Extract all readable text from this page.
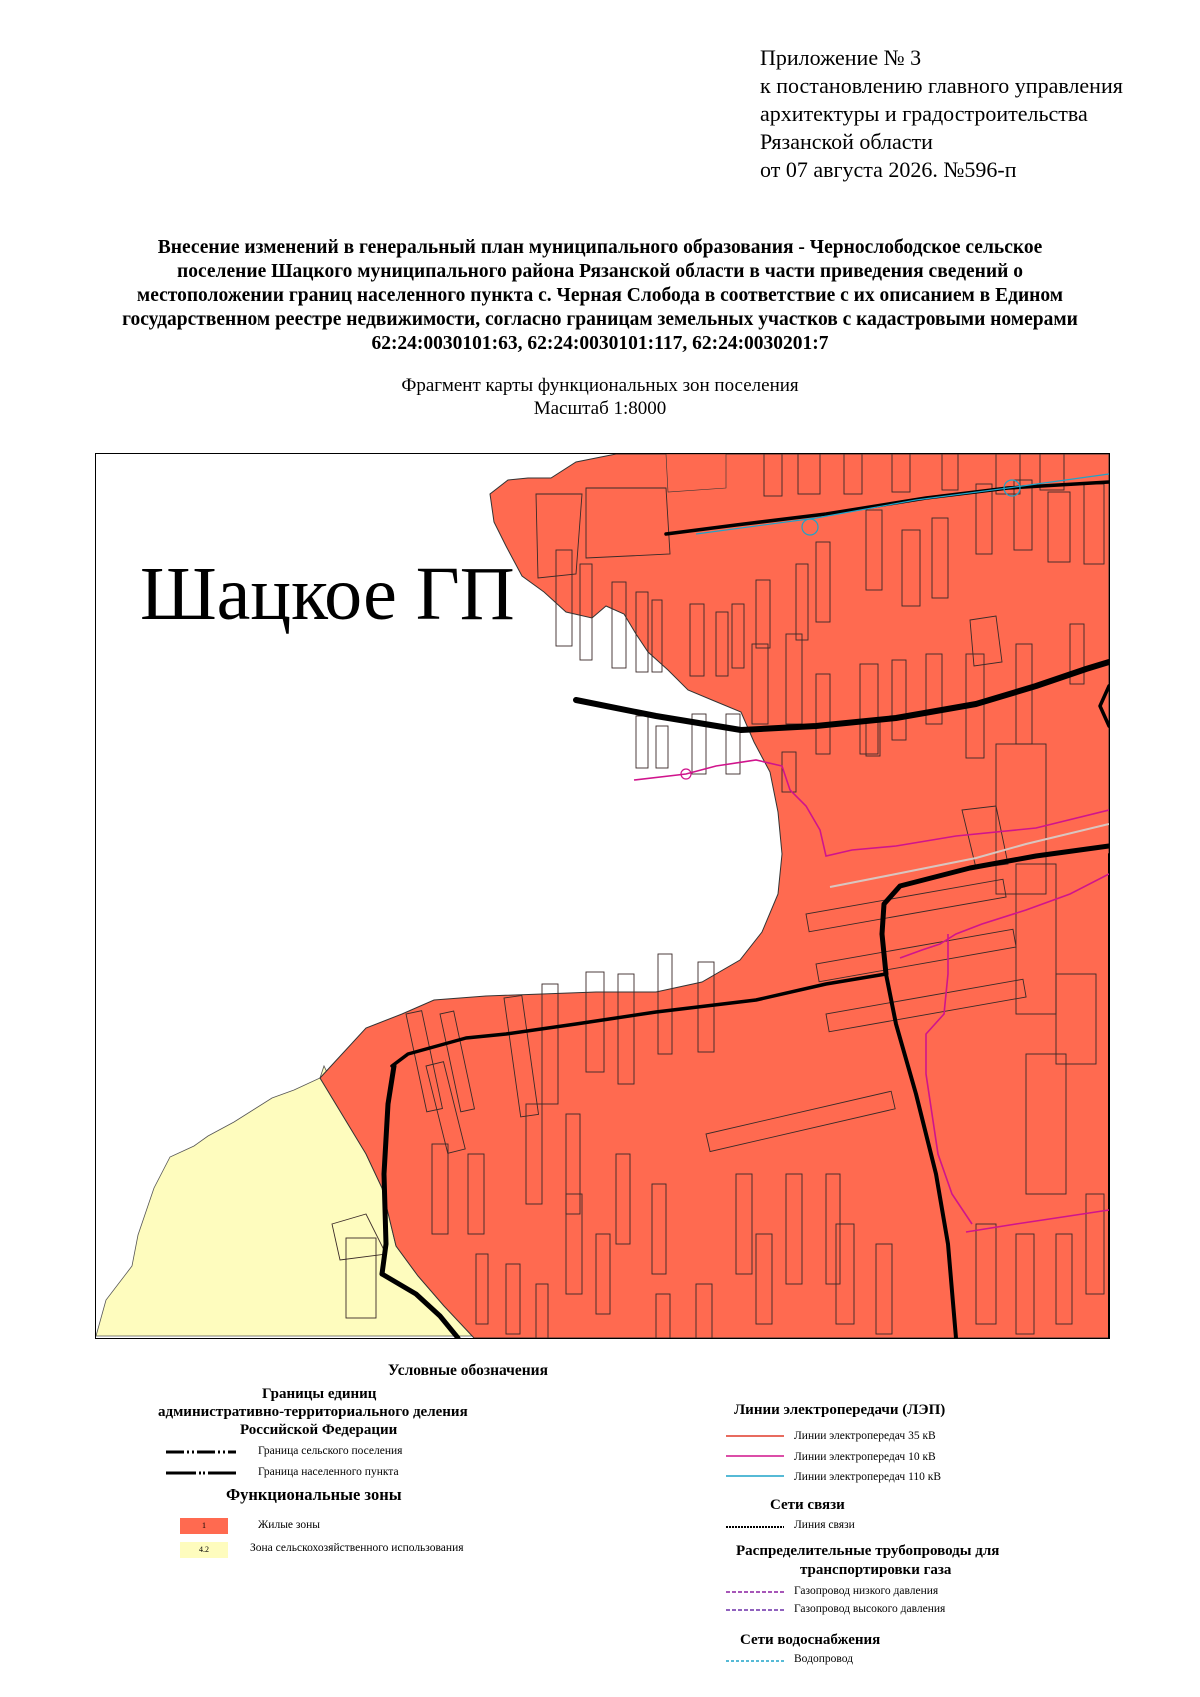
Приложение № 3
к постановлению главного управления
архитектуры и градостроительства
Рязанской области
от 07 августа 2026. №596-п
Внесение изменений в генеральный план муниципального образования - Чернослободское сельское
поселение Шацкого муниципального района Рязанской области в части приведения сведений о
местоположении границ населенного пункта с. Черная Слобода в соответствие с их описанием в Едином
государственном реестре недвижимости, согласно границам земельных участков с кадастровыми номерами
62:24:0030101:63, 62:24:0030101:117, 62:24:0030201:7
Фрагмент карты функциональных зон поселения
Масштаб 1:8000
Шацкое ГП
Условные обозначения
Границы единиц
административно-территориального деления
Российской Федерации
Граница сельского поселения
Граница населенного пункта
Функциональные зоны
1	Жилые зоны
4.2	Зона сельскохозяйственного использования
Линии электропередачи (ЛЭП)
Линии электропередач 35 кВ
Линии электропередач 10 кВ
Линии электропередач 110 кВ
Сети связи
Линия связи
Распределительные трубопроводы для
транспортировки газа
Газопровод низкого давления
Газопровод высокого давления
Сети водоснабжения
Водопровод
